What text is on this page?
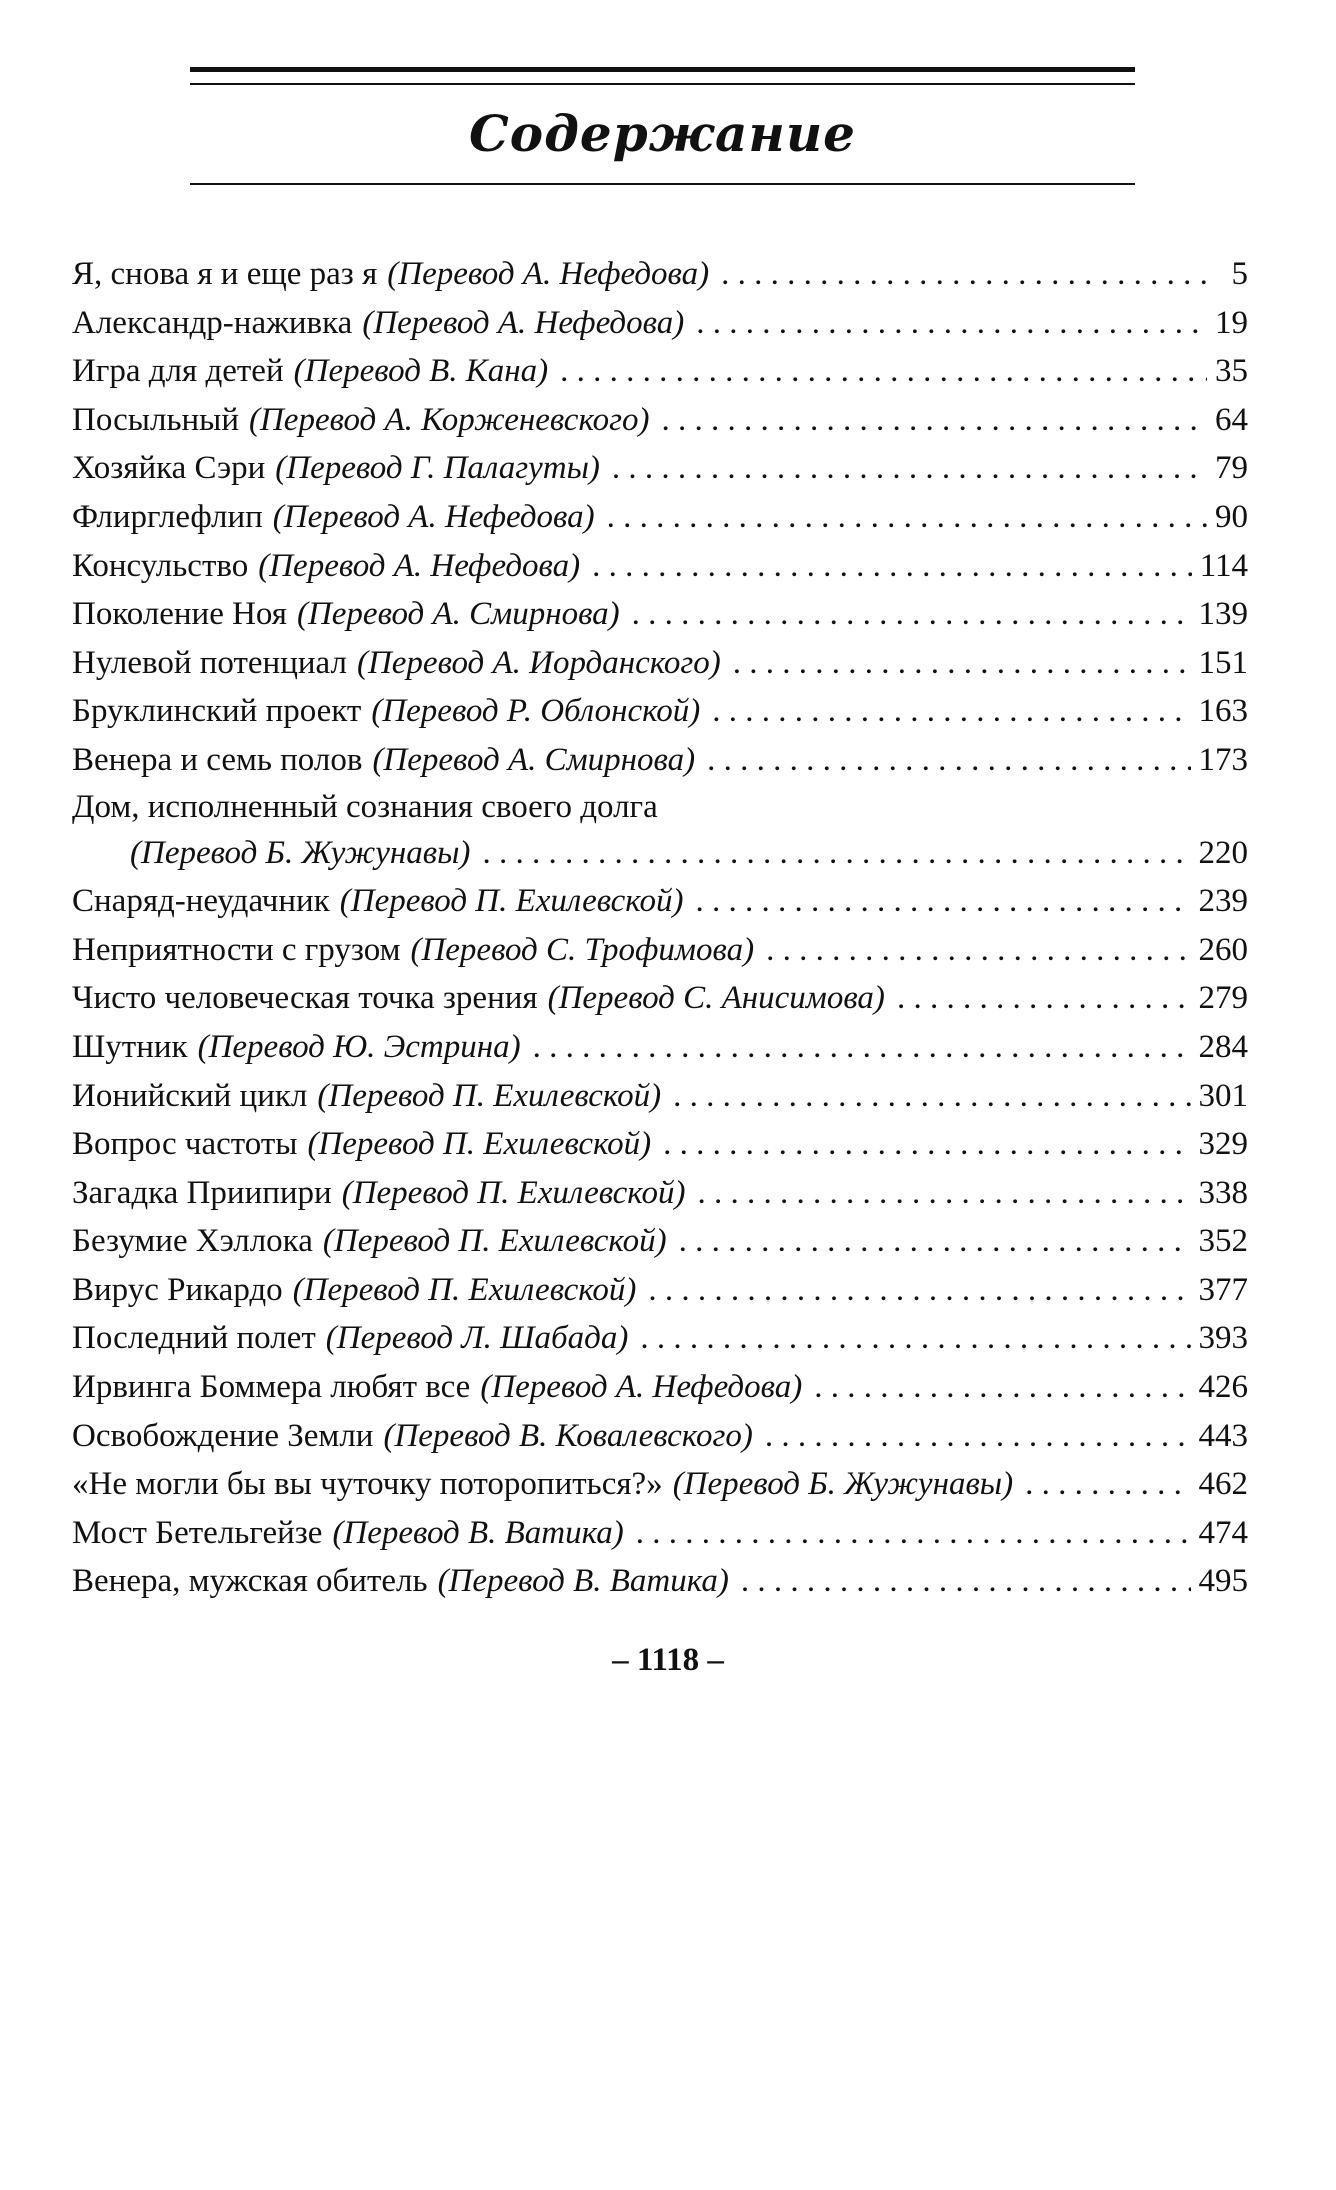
Содержание
Я, снова я и еще раз я (Перевод А. Нефедова) . . .	5
Александр-наживка (Перевод А. Нефедова) . . .	19
Игра для детей (Перевод В. Кана) . . .	35
Посыльный (Перевод А. Корженевского) . . .	64
Хозяйка Сэри (Перевод Г. Палагуты) . . .	79
Флирглефлип (Перевод А. Нефедова) . . .	90
Консульство (Перевод А. Нефедова) . . .	114
Поколение Ноя (Перевод А. Смирнова) . . .	139
Нулевой потенциал (Перевод А. Иорданского) . . .	151
Бруклинский проект (Перевод Р. Облонской) . . .	163
Венера и семь полов (Перевод А. Смирнова) . . .	173
Дом, исполненный сознания своего долга
(Перевод Б. Жужунавы) . . .	220
Снаряд-неудачник (Перевод П. Ехилевской) . . .	239
Неприятности с грузом (Перевод С. Трофимова) . . .	260
Чисто человеческая точка зрения (Перевод С. Анисимова) . . .	279
Шутник (Перевод Ю. Эстрина) . . .	284
Ионийский цикл (Перевод П. Ехилевской) . . .	301
Вопрос частоты (Перевод П. Ехилевской) . . .	329
Загадка Приипири (Перевод П. Ехилевской) . . .	338
Безумие Хэллока (Перевод П. Ехилевской) . . .	352
Вирус Рикардо (Перевод П. Ехилевской) . . .	377
Последний полет (Перевод Л. Шабада) . . .	393
Ирвинга Боммера любят все (Перевод А. Нефедова) . . .	426
Освобождение Земли (Перевод В. Ковалевского) . . .	443
«Не могли бы вы чуточку поторопиться?» (Перевод Б. Жужунавы) . . .	462
Мост Бетельгейзе (Перевод В. Ватика) . . .	474
Венера, мужская обитель (Перевод В. Ватика) . . .	495
– 1118 –
